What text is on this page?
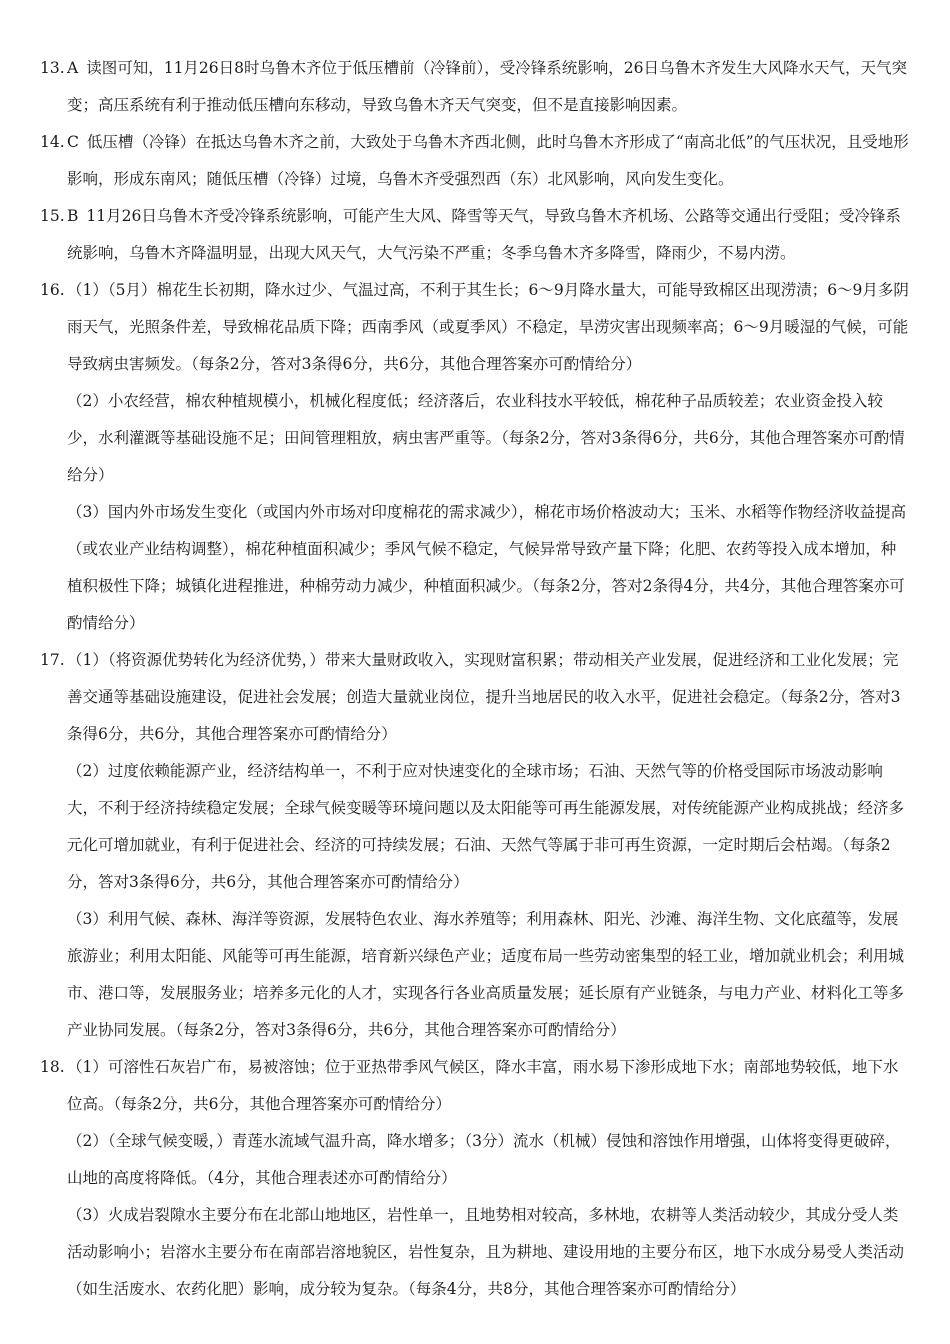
13. A 读图可知，11月26日8时乌鲁木齐位于低压槽前（冷锋前），受冷锋系统影响，26日乌鲁木齐发生大风降水天气，天气突变；高压系统有利于推动低压槽向东移动，导致乌鲁木齐天气突变，但不是直接影响因素。

14. C 低压槽（冷锋）在抵达乌鲁木齐之前，大致处于乌鲁木齐西北侧，此时乌鲁木齐形成了“南高北低”的气压状况，且受地形影响，形成东南风；随低压槽（冷锋）过境，乌鲁木齐受强烈西（东）北风影响，风向发生变化。

15. B 11月26日乌鲁木齐受冷锋系统影响，可能产生大风、降雪等天气，导致乌鲁木齐机场、公路等交通出行受阻；受冷锋系统影响，乌鲁木齐降温明显，出现大风天气，大气污染不严重；冬季乌鲁木齐多降雪，降雨少，不易内涝。

16. （1）（5月）棉花生长初期，降水过少、气温过高，不利于其生长；6～9月降水量大，可能导致棉区出现涝渍；6～9月多阴雨天气，光照条件差，导致棉花品质下降；西南季风（或夏季风）不稳定，旱涝灾害出现频率高；6～9月暖湿的气候，可能导致病虫害频发。（每条2分，答对3条得6分，共6分，其他合理答案亦可酌情给分）

（2）小农经营，棉农种植规模小，机械化程度低；经济落后，农业科技水平较低，棉花种子品质较差；农业资金投入较少，水利灌溉等基础设施不足；田间管理粗放，病虫害严重等。（每条2分，答对3条得6分，共6分，其他合理答案亦可酌情给分）

（3）国内外市场发生变化（或国内外市场对印度棉花的需求减少），棉花市场价格波动大；玉米、水稻等作物经济收益提高（或农业产业结构调整），棉花种植面积减少；季风气候不稳定，气候异常导致产量下降；化肥、农药等投入成本增加，种植积极性下降；城镇化进程推进，种棉劳动力减少，种植面积减少。（每条2分，答对2条得4分，共4分，其他合理答案亦可酌情给分）

17. （1）（将资源优势转化为经济优势，）带来大量财政收入，实现财富积累；带动相关产业发展，促进经济和工业化发展；完善交通等基础设施建设，促进社会发展；创造大量就业岗位，提升当地居民的收入水平，促进社会稳定。（每条2分，答对3条得6分，共6分，其他合理答案亦可酌情给分）

（2）过度依赖能源产业，经济结构单一，不利于应对快速变化的全球市场；石油、天然气等的价格受国际市场波动影响大，不利于经济持续稳定发展；全球气候变暖等环境问题以及太阳能等可再生能源发展，对传统能源产业构成挑战；经济多元化可增加就业，有利于促进社会、经济的可持续发展；石油、天然气等属于非可再生资源，一定时期后会枯竭。（每条2分，答对3条得6分，共6分，其他合理答案亦可酌情给分）

（3）利用气候、森林、海洋等资源，发展特色农业、海水养殖等；利用森林、阳光、沙滩、海洋生物、文化底蕴等，发展旅游业；利用太阳能、风能等可再生能源，培育新兴绿色产业；适度布局一些劳动密集型的轻工业，增加就业机会；利用城市、港口等，发展服务业；培养多元化的人才，实现各行各业高质量发展；延长原有产业链条，与电力产业、材料化工等多产业协同发展。（每条2分，答对3条得6分，共6分，其他合理答案亦可酌情给分）

18. （1）可溶性石灰岩广布，易被溶蚀；位于亚热带季风气候区，降水丰富，雨水易下渗形成地下水；南部地势较低，地下水位高。（每条2分，共6分，其他合理答案亦可酌情给分）

（2）（全球气候变暖，）青莲水流域气温升高，降水增多；（3分）流水（机械）侵蚀和溶蚀作用增强，山体将变得更破碎，山地的高度将降低。（4分，其他合理表述亦可酌情给分）

（3）火成岩裂隙水主要分布在北部山地地区，岩性单一，且地势相对较高，多林地，农耕等人类活动较少，其成分受人类活动影响小；岩溶水主要分布在南部岩溶地貌区，岩性复杂，且为耕地、建设用地的主要分布区，地下水成分易受人类活动（如生活废水、农药化肥）影响，成分较为复杂。（每条4分，共8分，其他合理答案亦可酌情给分）
